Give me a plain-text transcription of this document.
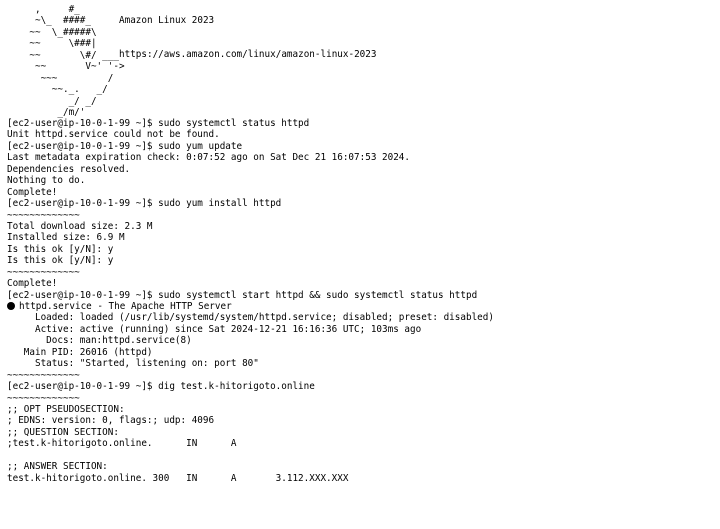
,     #_
~\_  ####_
~~  \_#####\
~~     \###|
~~       \#/ ___
~~       V~' '->
~~~         /
~~._.   _/
_/ _/
_/m/'
Amazon Linux 2023
https://aws.amazon.com/linux/amazon-linux-2023
[ec2-user@ip-10-0-1-99 ~]$ sudo systemctl status httpd
Unit httpd.service could not be found.
[ec2-user@ip-10-0-1-99 ~]$ sudo yum update
Last metadata expiration check: 0:07:52 ago on Sat Dec 21 16:07:53 2024.
Dependencies resolved.
Nothing to do.
Complete!
[ec2-user@ip-10-0-1-99 ~]$ sudo yum install httpd
~~~~~~~~~~~~~
Total download size: 2.3 M
Installed size: 6.9 M
Is this ok [y/N]: y
Is this ok [y/N]: y
~~~~~~~~~~~~~
Complete!
[ec2-user@ip-10-0-1-99 ~]$ sudo systemctl start httpd && sudo systemctl status httpd
httpd.service - The Apache HTTP Server
Loaded: loaded (/usr/lib/systemd/system/httpd.service; disabled; preset: disabled)
Active: active (running) since Sat 2024-12-21 16:16:36 UTC; 103ms ago
Docs: man:httpd.service(8)
Main PID: 26016 (httpd)
Status: "Started, listening on: port 80"
~~~~~~~~~~~~~
[ec2-user@ip-10-0-1-99 ~]$ dig test.k-hitorigoto.online
~~~~~~~~~~~~~
;; OPT PSEUDOSECTION:
; EDNS: version: 0, flags:; udp: 4096
;; QUESTION SECTION:
;test.k-hitorigoto.online.      IN      A
;; ANSWER SECTION:
test.k-hitorigoto.online. 300   IN      A       3.112.XXX.XXX
